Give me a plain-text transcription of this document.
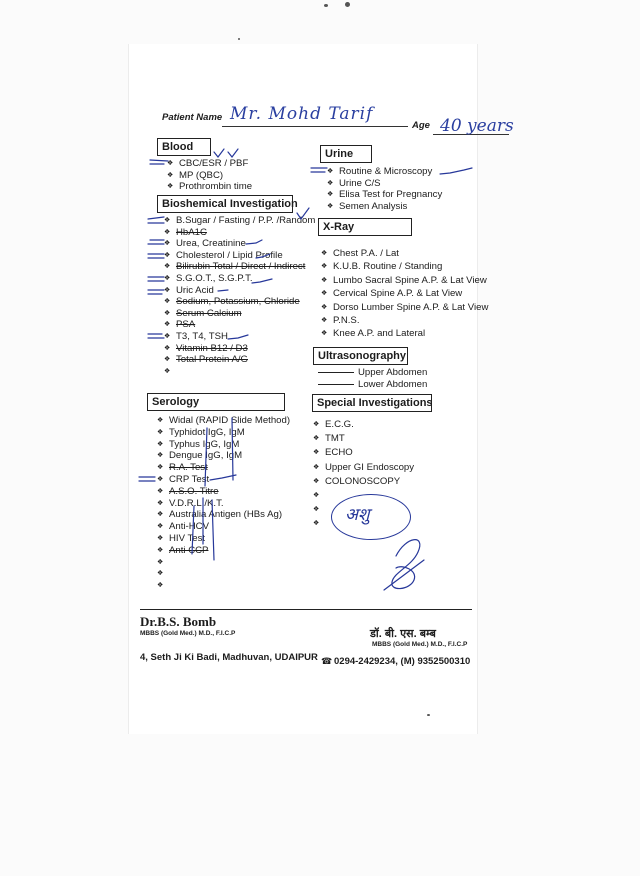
Patient Name Mr. Mohd Tarif
Age 40 years
Blood
❖ CBC/ESR / PBF
❖ MP (QBC)
❖ Prothrombin time
Bioshemical Investigation
❖ B.Sugar / Fasting / P.P. /Random
❖ HbA1C
❖ Urea, Creatinine
❖ Cholesterol / Lipid Profile
❖ Bilirubin Total / Direct / Indirect
❖ S.G.O.T., S.G.P.T.
❖ Uric Acid
❖ Sodium, Potassium, Chloride
❖ Serum Calcium
❖ PSA
❖ T3, T4, TSH
❖ Vitamin B12 / D3
❖ Total Protein A/G
❖
Serology
❖ Widal (RAPID Slide Method)
❖ Typhidot IgG, IgM
❖ Typhus IgG, IgM
❖ Dengue IgG, IgM
❖ R.A. Test
❖ CRP Test
❖ A.S.O. Titre
❖ V.D.R.L./K.T.
❖ Australia Antigen (HBs Ag)
❖ Anti-HCV
❖ HIV Test
❖ Anti CCP
❖
❖
❖
Urine
❖ Routine & Microscopy
❖ Urine C/S
❖ Elisa Test for Pregnancy
❖ Semen Analysis
X-Ray
❖ Chest P.A. / Lat
❖ K.U.B. Routine / Standing
❖ Lumbo Sacral Spine A.P. & Lat View
❖ Cervical Spine A.P. & Lat View
❖ Dorso Lumber Spine A.P. & Lat View
❖ P.N.S.
❖ Knee A.P. and Lateral
Ultrasonography
Upper Abdomen
Lower Abdomen
Special Investigations
❖ E.C.G.
❖ TMT
❖ ECHO
❖ Upper GI Endoscopy
❖ COLONOSCOPY
❖
❖
❖
अशु
Dr.B.S. Bomb
MBBS (Gold Med.) M.D., F.I.C.P	डॉ. बी. एस. बम्ब
MBBS (Gold Med.) M.D., F.I.C.P
4, Seth Ji Ki Badi, Madhuvan, UDAIPUR ☎ 0294-2429234, (M) 9352500310
